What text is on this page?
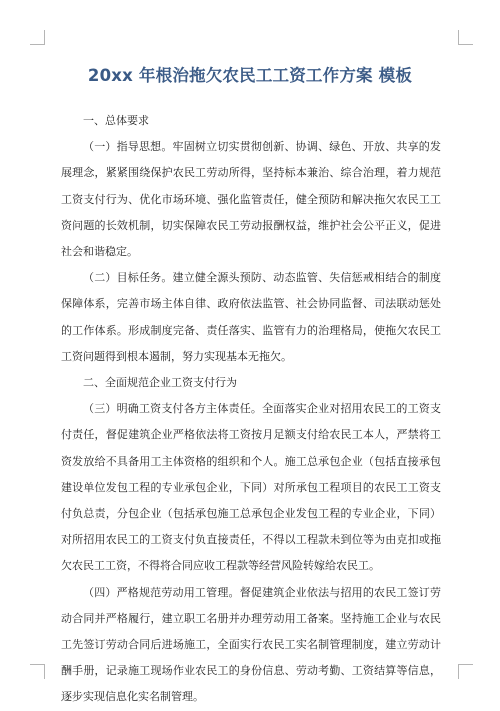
20xx 年根治拖欠农民工工资工作方案 模板

一、总体要求

（一）指导思想。牢固树立切实贯彻创新、协调、绿色、开放、共享的发展理念，紧紧围绕保护农民工劳动所得，坚持标本兼治、综合治理，着力规范工资支付行为、优化市场环境、强化监管责任，健全预防和解决拖欠农民工工资问题的长效机制，切实保障农民工劳动报酬权益，维护社会公平正义，促进社会和谐稳定。

（二）目标任务。建立健全源头预防、动态监管、失信惩戒相结合的制度保障体系，完善市场主体自律、政府依法监管、社会协同监督、司法联动惩处的工作体系。形成制度完备、责任落实、监管有力的治理格局，使拖欠农民工工资问题得到根本遏制，努力实现基本无拖欠。

二、全面规范企业工资支付行为

（三）明确工资支付各方主体责任。全面落实企业对招用农民工的工资支付责任，督促建筑企业严格依法将工资按月足额支付给农民工本人，严禁将工资发放给不具备用工主体资格的组织和个人。施工总承包企业（包括直接承包建设单位发包工程的专业承包企业，下同）对所承包工程项目的农民工工资支付负总责，分包企业（包括承包施工总承包企业发包工程的专业企业，下同）对所招用农民工的工资支付负直接责任，不得以工程款未到位等为由克扣或拖欠农民工工资，不得将合同应收工程款等经营风险转嫁给农民工。

（四）严格规范劳动用工管理。督促建筑企业依法与招用的农民工签订劳动合同并严格履行，建立职工名册并办理劳动用工备案。坚持施工企业与农民工先签订劳动合同后进场施工，全面实行农民工实名制管理制度，建立劳动计酬手册，记录施工现场作业农民工的身份信息、劳动考勤、工资结算等信息，逐步实现信息化实名制管理。
